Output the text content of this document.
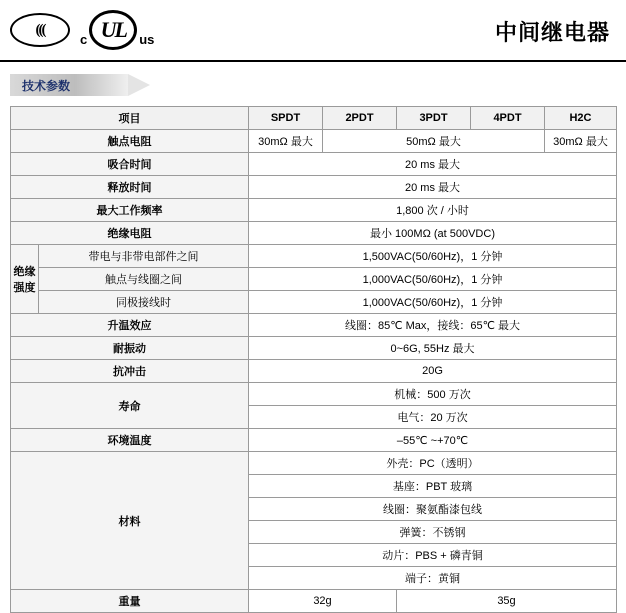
(((
c UL	us	中间继电器
技术参数
项目		SPDT	2PDT	3PDT	4PDT	H2C
触点电阻		30mΩ 最大	50mΩ 最大			30mΩ 最大
吸合时间		20 ms 最大				
释放时间		20 ms 最大				
最大工作频率		1,800 次 / 小时				
绝缘电阻		最小 100MΩ (at 500VDC)				
绝缘强度	带电与非带电部件之间	1,500VAC(50/60Hz)，1 分钟				
	触点与线圈之间	1,000VAC(50/60Hz)，1 分钟				
	同极接线时	1,000VAC(50/60Hz)，1 分钟				
升温效应		线圈：85℃ Max，接线：65℃ 最大				
耐振动		0~6G, 55Hz 最大				
抗冲击		20G				
寿命		机械：500 万次				
		电气：20 万次				
环境温度		–55℃ ~+70℃				
材料		外壳：PC（透明）				
		基座：PBT 玻璃				
		线圈：聚氨酯漆包线				
		弹簧：不锈钢				
		动片：PBS + 磷青铜				
		端子：黄铜				
重量		32g		35g		
